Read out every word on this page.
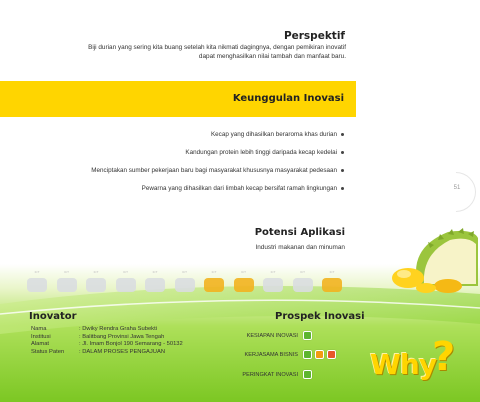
Perspektif
Biji durian yang sering kita buang setelah kita nikmati dagingnya, dengan pemikiran inovatif
dapat menghasilkan nilai tambah dan manfaat baru.
Keunggulan Inovasi
Kecap yang dihasilkan beraroma khas durian
Kandungan protein lebih tinggi daripada kecap kedelai
Menciptakan sumber pekerjaan baru bagi masyarakat khususnya masyarakat pedesaan
Pewarna yang dihasilkan dari limbah kecap bersifat ramah lingkungan	51
Potensi Aplikasi
Industri makanan dan minuman
ICT	ICT	ICT	ICT	ICT	ICT	ICT	ICT	ICT	ICT	ICT
Inovator
Nama	: Dwiky Rendra Graha Subekti
Institusi	: Balitbang Provinsi Jawa Tengah
Alamat	: Jl. Imam Bonjol 190 Semarang - 50132
Status Paten	: DALAM PROSES PENGAJUAN
Prospek Inovasi
KESIAPAN INOVASI
KERJASAMA BISNIS
PERINGKAT INOVASI	Why
?
